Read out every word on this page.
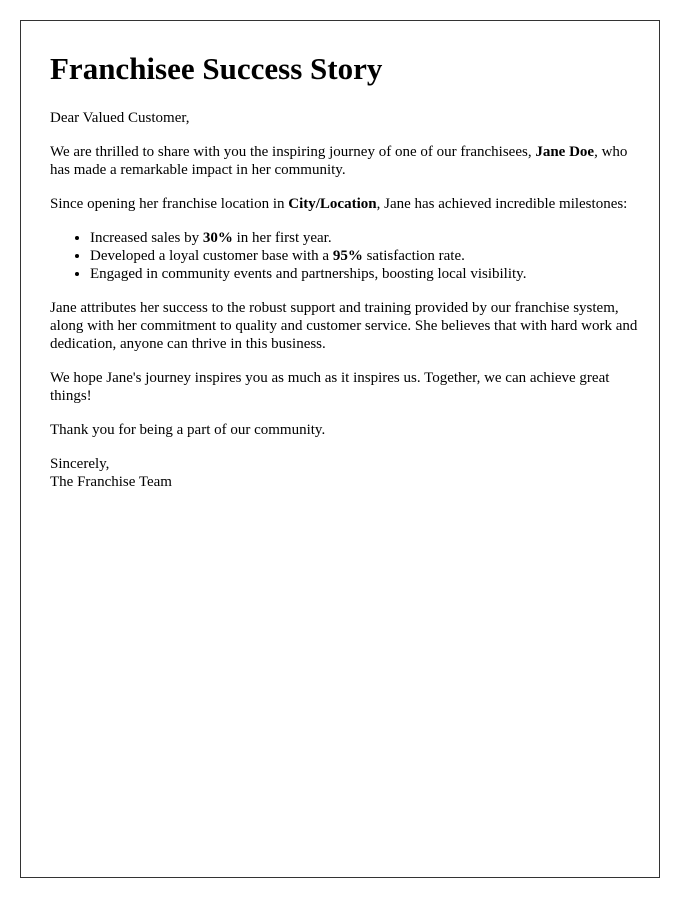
Franchisee Success Story

Dear Valued Customer,

We are thrilled to share with you the inspiring journey of one of our franchisees, Jane Doe, who has made a remarkable impact in her community.

Since opening her franchise location in City/Location, Jane has achieved incredible milestones:

• Increased sales by 30% in her first year.
• Developed a loyal customer base with a 95% satisfaction rate.
• Engaged in community events and partnerships, boosting local visibility.

Jane attributes her success to the robust support and training provided by our franchise system, along with her commitment to quality and customer service. She believes that with hard work and dedication, anyone can thrive in this business.

We hope Jane's journey inspires you as much as it inspires us. Together, we can achieve great things!

Thank you for being a part of our community.

Sincerely,
The Franchise Team
